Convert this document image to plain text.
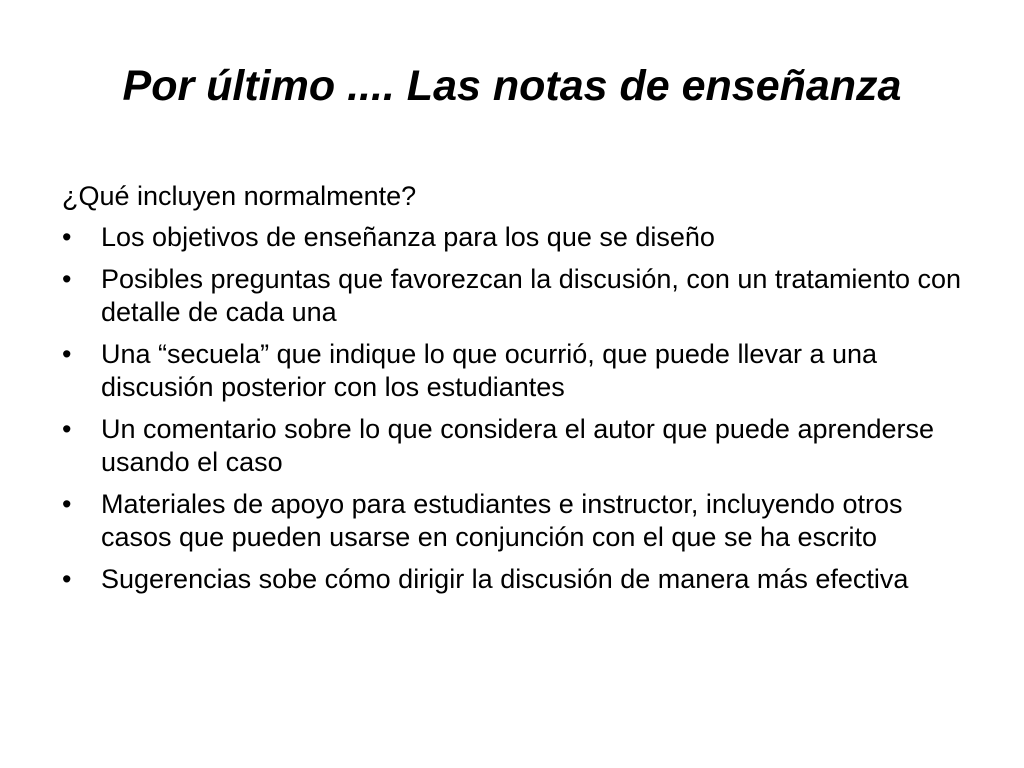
Por último .... Las notas de enseñanza

¿Qué incluyen normalmente?

•	Los objetivos de enseñanza para los que se diseño
•	Posibles preguntas que favorezcan la discusión, con un tratamiento con detalle de cada una
•	Una “secuela” que indique lo que ocurrió, que puede llevar a una discusión posterior con los estudiantes
•	Un comentario sobre lo que considera el autor que puede aprenderse usando el caso
•	Materiales de apoyo para estudiantes e instructor, incluyendo otros casos que pueden usarse en conjunción con el que se ha escrito
•	Sugerencias sobe cómo dirigir la discusión de manera más efectiva
